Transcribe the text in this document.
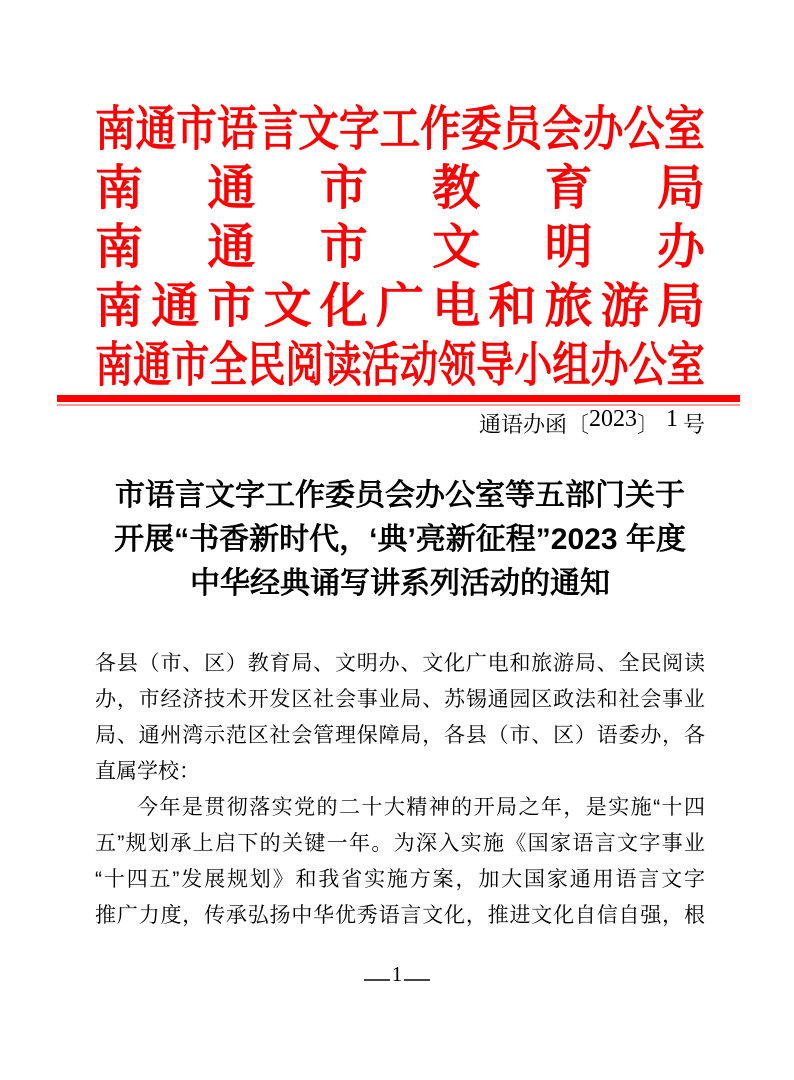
南通市语言文字工作委员会办公室
南 通 市 教 育 局
南 通 市 文 明 办
南 通 市 文 化 广 电 和 旅 游 局
南通市全民阅读活动领导小组办公室
通语办函〔2023〕 1 号
市语言文字工作委员会办公室等五部门关于
开展“书香新时代，‘典’亮新征程”2023 年度
中华经典诵写讲系列活动的通知
各县（市、区）教育局、文明办、文化广电和旅游局、全民阅读
办，市经济技术开发区社会事业局、苏锡通园区政法和社会事业
局、通州湾示范区社会管理保障局，各县（市、区）语委办，各
直属学校：
今年是贯彻落实党的二十大精神的开局之年，是实施“十四
五”规划承上启下的关键一年。为深入实施《国家语言文字事业
“十四五”发展规划》和我省实施方案，加大国家通用语言文字
推广力度，传承弘扬中华优秀语言文化，推进文化自信自强，根
1
